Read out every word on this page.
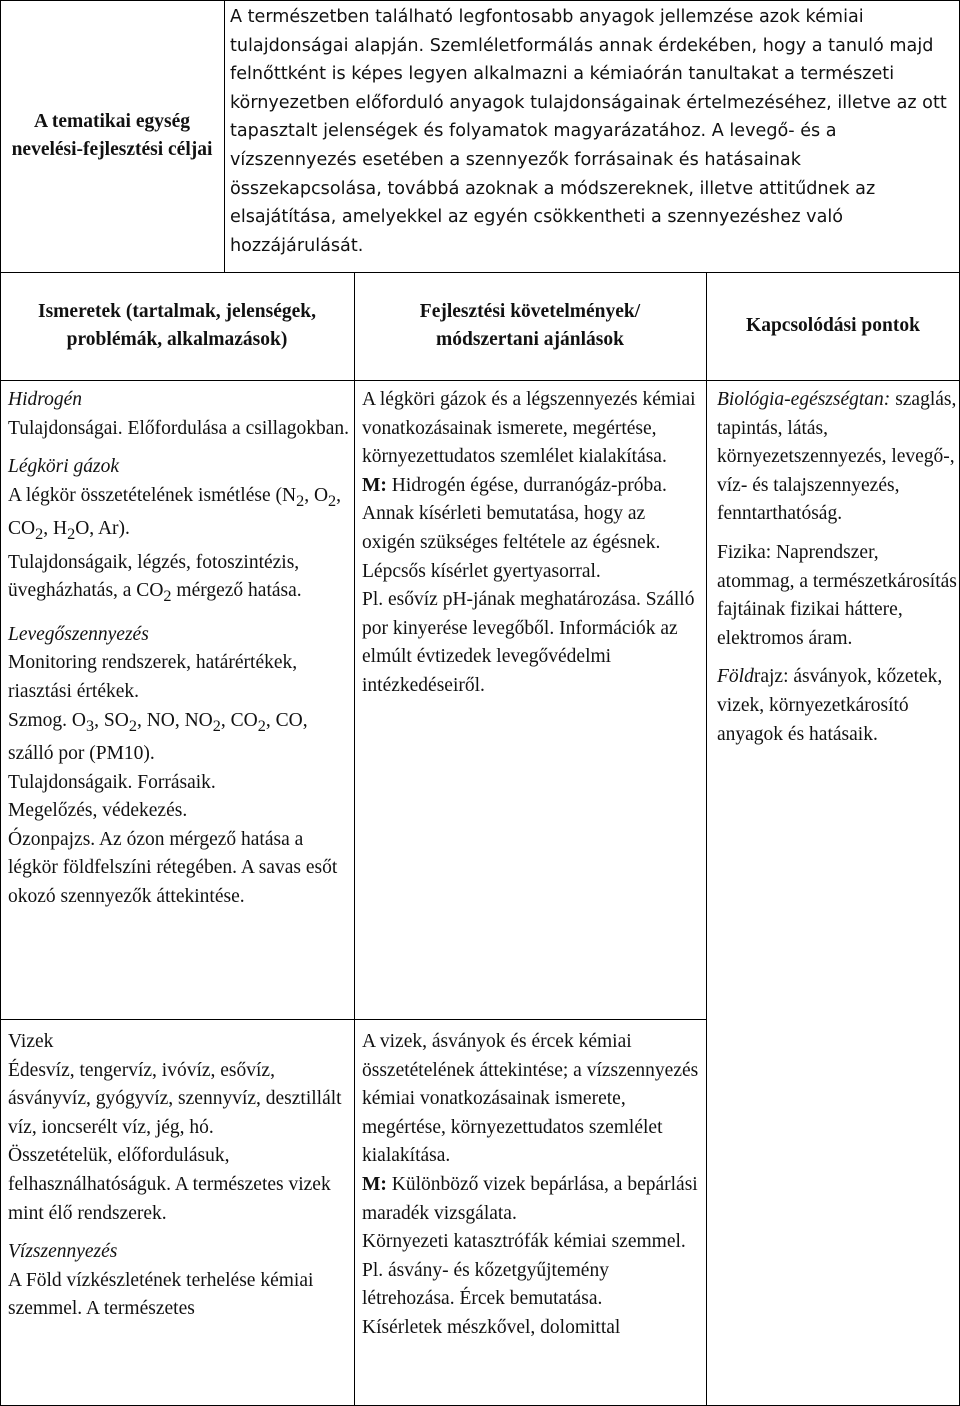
A tematikai egység nevelési-fejlesztési céljai
A természetben található legfontosabb anyagok jellemzése azok kémiai tulajdonságai alapján. Szemléletformálás annak érdekében, hogy a tanuló majd felnőttként is képes legyen alkalmazni a kémiaórán tanultakat a természeti környezetben előforduló anyagok tulajdonságainak értelmezéséhez, illetve az ott tapasztalt jelenségek és folyamatok magyarázatához. A levegő- és a vízszennyezés esetében a szennyezők forrásainak és hatásainak összekapcsolása, továbbá azoknak a módszereknek, illetve attitűdnek az elsajátítása, amelyekkel az egyén csökkentheti a szennyezéshez való hozzájárulását.
Ismeretek (tartalmak, jelenségek, problémák, alkalmazások)
Fejlesztési követelmények/ módszertani ajánlások
Kapcsolódási pontok

Hidrogén

Tulajdonságai. Előfordulása a csillagokban.

Légköri gázok

A légkör összetételének ismétlése ($N_2$, $O_2$, $CO_2$, $H_2O$, Ar).

Tulajdonságaik, légzés, fotoszintézis, üvegházhatás, a $CO_2$ mérgező hatása.

Levegőszennyezés

Monitoring rendszerek, határértékek, riasztási értékek.

Szmog. $O_3$, $SO_2$, NO, $NO_2$, $CO_2$, CO, szálló por (PM10).

Tulajdonságaik. Forrásaik.

Megelőzés, védekezés.

Ózonpajzs. Az ózon mérgező hatása a légkör földfelszíni rétegében. A savas esőt okozó szennyezők áttekintése.

A légköri gázok és a légszennyezés kémiai vonatkozásainak ismerete, megértése, környezettudatos szemlélet kialakítása.

M: Hidrogén égése, durranógáz-próba.

Annak kísérleti bemutatása, hogy az oxigén szükséges feltétele az égésnek. Lépcsős kísérlet gyertyasorral.

Pl. esővíz pH-jának meghatározása. Szálló por kinyerése levegőből. Információk az elmúlt évtizedek levegővédelmi intézkedéseiről.

Biológia-egészségtan: szaglás, tapintás, látás, környezetszennyezés, levegő-, víz- és talajszennyezés, fenntarthatóság.

Fizika: Naprendszer, atommag, a természetkárosítás fajtáinak fizikai háttere, elektromos áram.

Földrajz: ásványok, kőzetek, vizek, környezetkárosító anyagok és hatásaik.

Vizek

Édesvíz, tengervíz, ivóvíz, esővíz, ásványvíz, gyógyvíz, szennyvíz, desztillált víz, ioncserélt víz, jég, hó.

Összetételük, előfordulásuk, felhasználhatóságuk. A természetes vizek mint élő rendszerek.

Vízszennyezés

A Föld vízkészletének terhelése kémiai szemmel. A természetes

A vizek, ásványok és ércek kémiai összetételének áttekintése; a vízszennyezés kémiai vonatkozásainak ismerete, megértése, környezettudatos szemlélet kialakítása.

M: Különböző vizek bepárlása, a bepárlási maradék vizsgálata.

Környezeti katasztrófák kémiai szemmel.

Pl. ásvány- és kőzetgyűjtemény létrehozása. Ércek bemutatása.

Kísérletek mészkővel, dolomittal
